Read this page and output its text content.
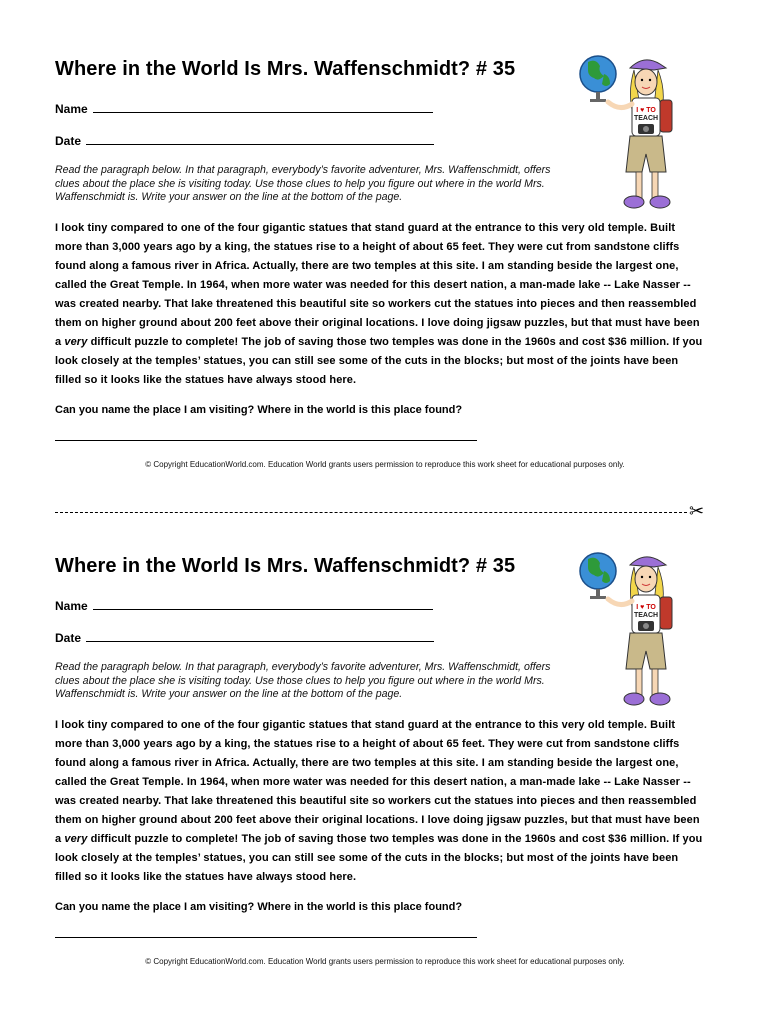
Where in the World Is Mrs. Waffenschmidt? # 35
Name
Date
Read the paragraph below. In that paragraph, everybody’s favorite adventurer, Mrs. Waffenschmidt, offers clues about the place she is visiting today. Use those clues to help you figure out where in the world Mrs. Waffenschmidt is. Write your answer on the line at the bottom of the page.
I look tiny compared to one of the four gigantic statues that stand guard at the entrance to this very old temple. Built more than 3,000 years ago by a king, the statues rise to a height of about 65 feet. They were cut from sandstone cliffs found along a famous river in Africa. Actually, there are two temples at this site. I am standing beside the largest one, called the Great Temple. In 1964, when more water was needed for this desert nation, a man-made lake -- Lake Nasser -- was created nearby. That lake threatened this beautiful site so workers cut the statues into pieces and then reassembled them on higher ground about 200 feet above their original locations. I love doing jigsaw puzzles, but that must have been a very difficult puzzle to complete! The job of saving those two temples was done in the 1960s and cost $36 million. If you look closely at the temples’ statues, you can still see some of the cuts in the blocks; but most of the joints have been filled so it looks like the statues have always stood here.
Can you name the place I am visiting? Where in the world is this place found?
© Copyright EducationWorld.com. Education World grants users permission to reproduce this work sheet for educational purposes only.
I ♥ TO
TEACH
✂
Where in the World Is Mrs. Waffenschmidt? # 35
Name
Date
Read the paragraph below. In that paragraph, everybody’s favorite adventurer, Mrs. Waffenschmidt, offers clues about the place she is visiting today. Use those clues to help you figure out where in the world Mrs. Waffenschmidt is. Write your answer on the line at the bottom of the page.
I look tiny compared to one of the four gigantic statues that stand guard at the entrance to this very old temple. Built more than 3,000 years ago by a king, the statues rise to a height of about 65 feet. They were cut from sandstone cliffs found along a famous river in Africa. Actually, there are two temples at this site. I am standing beside the largest one, called the Great Temple. In 1964, when more water was needed for this desert nation, a man-made lake -- Lake Nasser -- was created nearby. That lake threatened this beautiful site so workers cut the statues into pieces and then reassembled them on higher ground about 200 feet above their original locations. I love doing jigsaw puzzles, but that must have been a very difficult puzzle to complete! The job of saving those two temples was done in the 1960s and cost $36 million. If you look closely at the temples’ statues, you can still see some of the cuts in the blocks; but most of the joints have been filled so it looks like the statues have always stood here.
Can you name the place I am visiting? Where in the world is this place found?
© Copyright EducationWorld.com. Education World grants users permission to reproduce this work sheet for educational purposes only.
I ♥ TO
TEACH
